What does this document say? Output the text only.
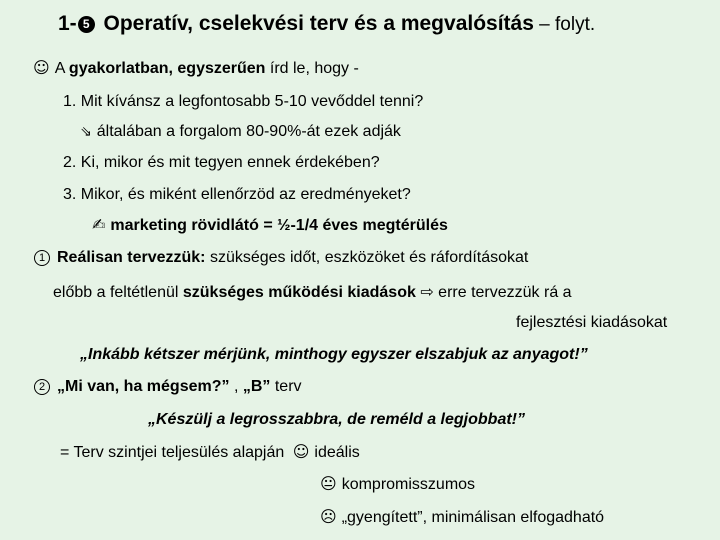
1- 5 Operatív, cselekvési terv és a megvalósítás – folyt.
☺ A gyakorlatban, egyszerűen írd le, hogy -
1. Mit kívánsz a legfontosabb 5-10 vevőddel tenni?
⇘ általában a forgalom 80-90%-át ezek adják
2. Ki, mikor és mit tegyen ennek érdekében?
3. Mikor, és miként ellenőrzöd az eredményeket?
✍ marketing rövidlátó = ½-1/4 éves megtérülés
1 Reálisan tervezzük: szükséges időt, eszközöket és ráfordításokat
előbb a feltétlenül szükséges működési kiadások ⇨ erre tervezzük rá a
fejlesztési kiadásokat
„Inkább kétszer mérjünk, minthogy egyszer elszabjuk az anyagot!”
2 „Mi van, ha mégsem?” , „B” terv
„Készülj a legrosszabbra, de reméld a legjobbat!”
= Terv szintjei teljesülés alapján ☺ ideális
😐 kompromisszumos
☹ „gyengített”, minimálisan elfogadható
